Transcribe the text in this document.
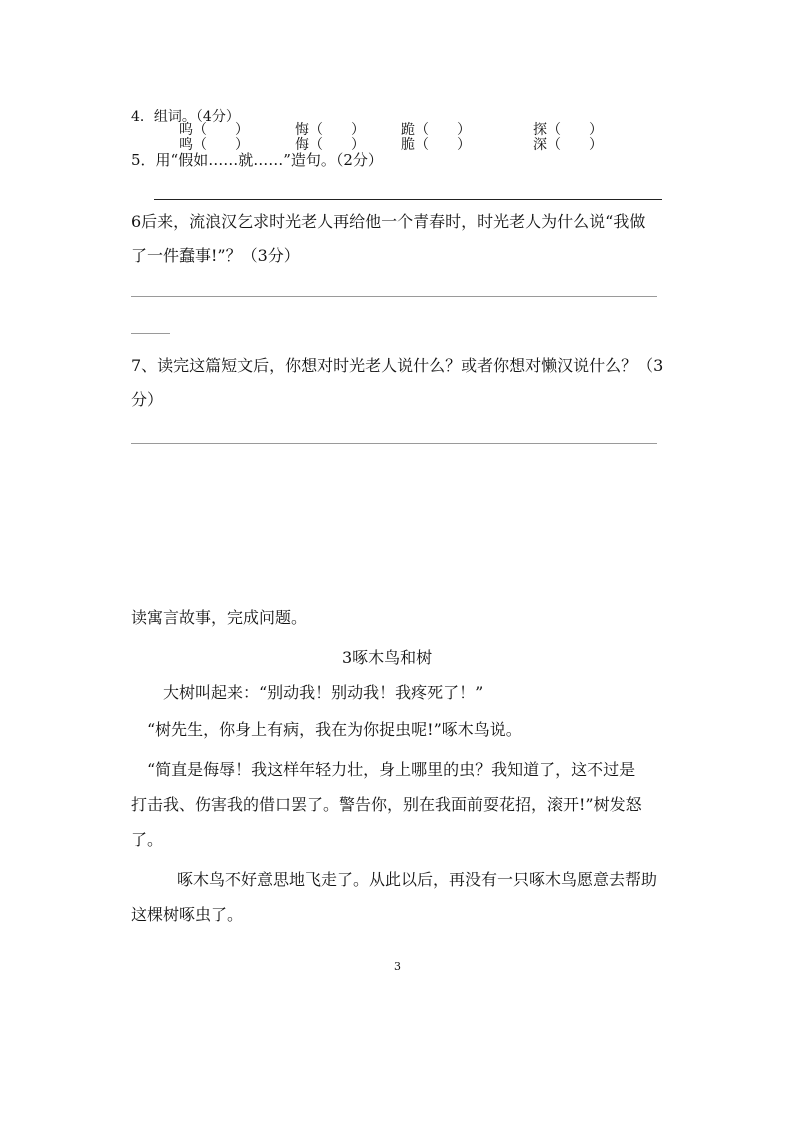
4．组词。（4分）
呜（　　）	悔（　　）	跪（　　）	探（　　）
鸣（　　）	侮（　　）	脆（　　）	深（　　）
5．用“假如……就……”造句。（2分）
6后来，流浪汉乞求时光老人再给他一个青春时，时光老人为什么说“我做
了一件蠢事!”？（3分）
7、读完这篇短文后，你想对时光老人说什么？或者你想对懒汉说什么？（3
分）
读寓言故事，完成问题。
3啄木鸟和树
大树叫起来：“别动我！别动我！我疼死了！”
“树先生，你身上有病，我在为你捉虫呢!”啄木鸟说。
“简直是侮辱！我这样年轻力壮，身上哪里的虫？我知道了，这不过是
打击我、伤害我的借口罢了。警告你，别在我面前耍花招，滚开!”树发怒
了。
啄木鸟不好意思地飞走了。从此以后，再没有一只啄木鸟愿意去帮助
这棵树啄虫了。
3
